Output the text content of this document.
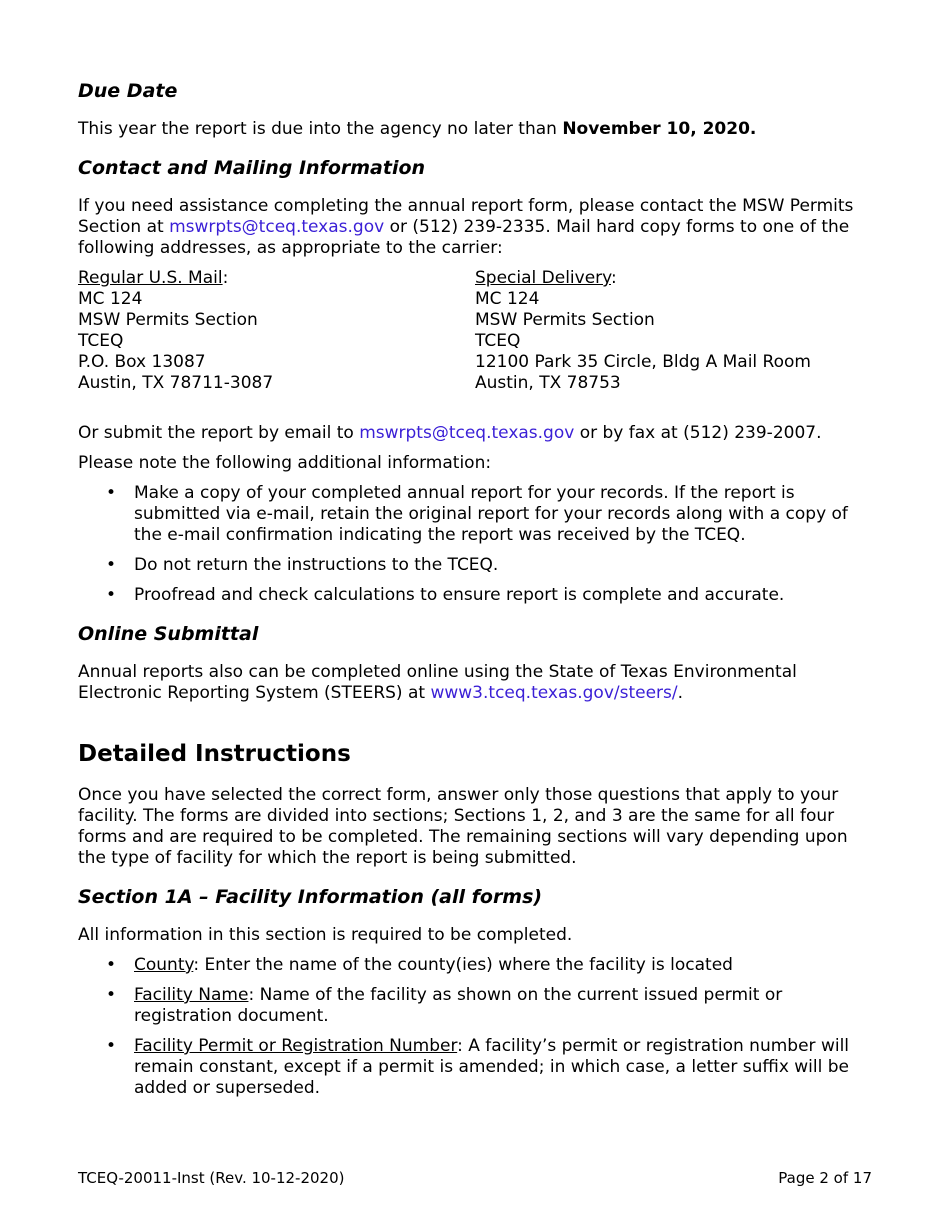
Due Date

This year the report is due into the agency no later than November 10, 2020.

Contact and Mailing Information

If you need assistance completing the annual report form, please contact the MSW Permits Section at mswrpts@tceq.texas.gov or (512) 239-2335. Mail hard copy forms to one of the following addresses, as appropriate to the carrier:

Regular U.S. Mail:
MC 124
MSW Permits Section
TCEQ
P.O. Box 13087
Austin, TX 78711-3087
Special Delivery:
MC 124
MSW Permits Section
TCEQ
12100 Park 35 Circle, Bldg A Mail Room
Austin, TX 78753

Or submit the report by email to mswrpts@tceq.texas.gov or by fax at (512) 239-2007.

Please note the following additional information:

• Make a copy of your completed annual report for your records. If the report is submitted via e-mail, retain the original report for your records along with a copy of the e-mail confirmation indicating the report was received by the TCEQ.
• Do not return the instructions to the TCEQ.
• Proofread and check calculations to ensure report is complete and accurate.
Online Submittal

Annual reports also can be completed online using the State of Texas Environmental Electronic Reporting System (STEERS) at www3.tceq.texas.gov/steers/.

Detailed Instructions

Once you have selected the correct form, answer only those questions that apply to your facility. The forms are divided into sections; Sections 1, 2, and 3 are the same for all four forms and are required to be completed. The remaining sections will vary depending upon the type of facility for which the report is being submitted.

Section 1A – Facility Information (all forms)

All information in this section is required to be completed.

• County: Enter the name of the county(ies) where the facility is located
• Facility Name: Name of the facility as shown on the current issued permit or registration document.
• Facility Permit or Registration Number: A facility’s permit or registration number will remain constant, except if a permit is amended; in which case, a letter suffix will be added or superseded.
TCEQ-20011-Inst (Rev. 10-12-2020)	Page 2 of 17
